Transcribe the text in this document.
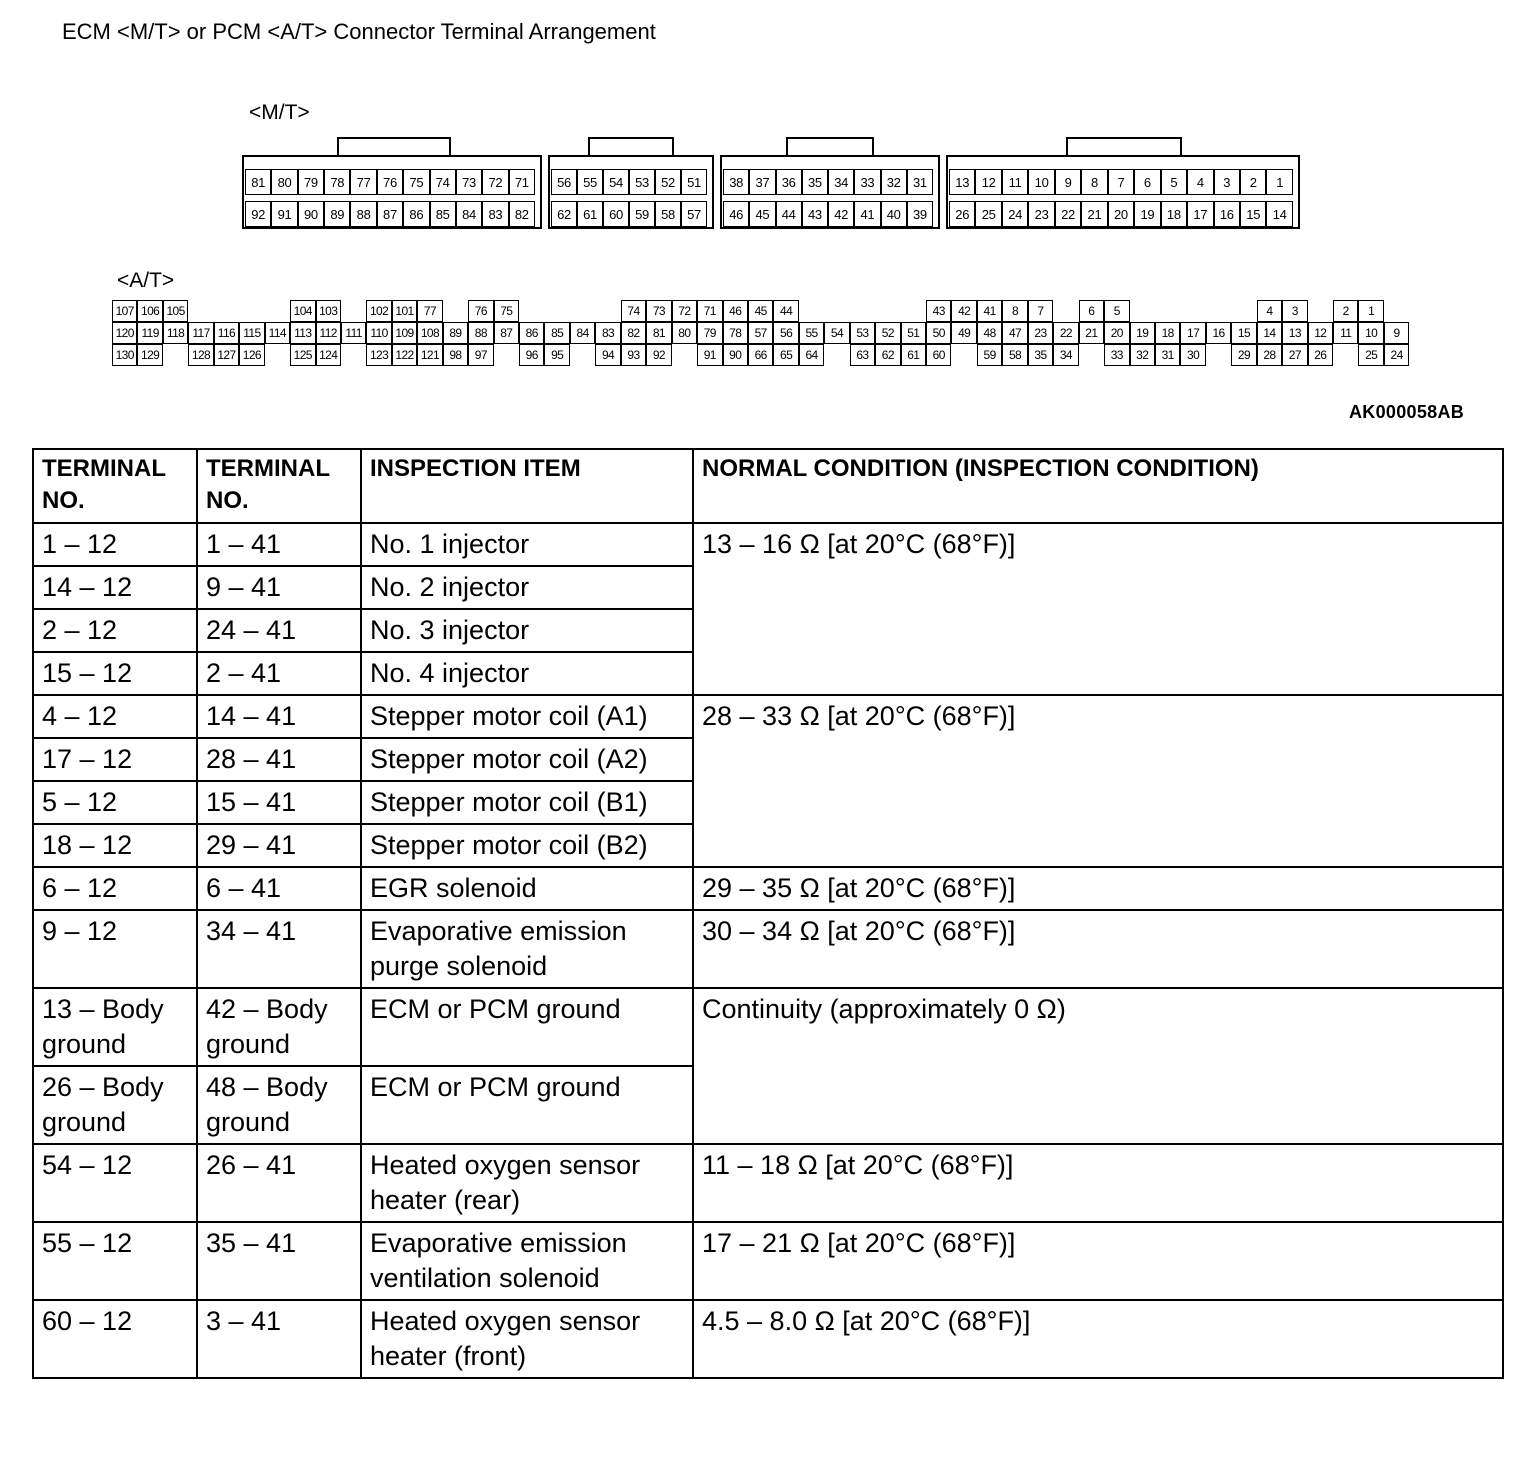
ECM <M/T> or PCM <A/T> Connector Terminal Arrangement
<M/T>
81 80 79 78 77 76 75 74 73 72 71
92 91 90 89 88 87 86 85 84 83 82
56 55 54 53 52 51
62 61 60 59 58 57
38 37 36 35 34 33 32 31
46 45 44 43 42 41 40 39
13 12	11	10	9	8	7	6	5	4	3	2	1
26 25 24 23 22 21 20 19 18 17 16 15 14
<A/T>
107 106 105	104 103	102 101 77	76	75	74	73	72	71	46	45	44	43	42	41	8	7	6	5	4	3	2	1
120 119 118 117 116 115 114 113 112 111 110 109 108 89	88	87	86	85	84	83	82	81	80	79	78	57	56	55	54	53	52	51	50	49	48	47	23	22	21	20	19	18	17	16	15	14	13	12	11	10	9
130 129	128 127 126	125 124	123 122 121 98	97	96	95	94	93	92	91	90	66	65	64	63	62	61	60	59	58	35	34	33	32	31	30	29	28	27	26	25	24
AK000058AB
TERMINAL NO.	TERMINAL NO.	INSPECTION ITEM	NORMAL CONDITION (INSPECTION CONDITION)
1 – 12	1 – 41	No. 1 injector	13 – 16 Ω [at 20°C (68°F)]
14 – 12	9 – 41	No. 2 injector	
2 – 12	24 – 41	No. 3 injector	
15 – 12	2 – 41	No. 4 injector	
4 – 12	14 – 41	Stepper motor coil (A1)	28 – 33 Ω [at 20°C (68°F)]
17 – 12	28 – 41	Stepper motor coil (A2)	
5 – 12	15 – 41	Stepper motor coil (B1)	
18 – 12	29 – 41	Stepper motor coil (B2)	
6 – 12	6 – 41	EGR solenoid	29 – 35 Ω [at 20°C (68°F)]
9 – 12	34 – 41	Evaporative emission purge solenoid	30 – 34 Ω [at 20°C (68°F)]
13 – Body ground	42 – Body ground	ECM or PCM ground	Continuity (approximately 0 Ω)
26 – Body ground	48 – Body ground	ECM or PCM ground	
54 – 12	26 – 41	Heated oxygen sensor heater (rear)	11 – 18 Ω [at 20°C (68°F)]
55 – 12	35 – 41	Evaporative emission ventilation solenoid	17 – 21 Ω [at 20°C (68°F)]
60 – 12	3 – 41	Heated oxygen sensor heater (front)	4.5 – 8.0 Ω [at 20°C (68°F)]
